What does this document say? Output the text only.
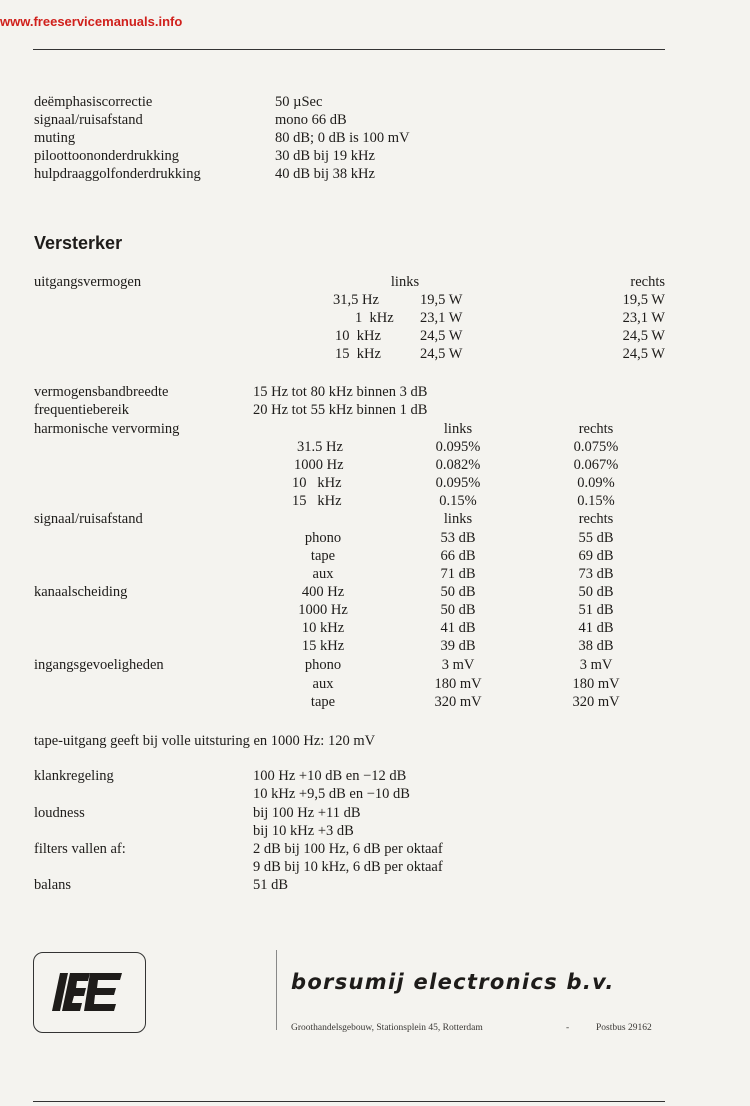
www.freeservicemanuals.info
deëmphasiscorrectie	50 µSec
signaal/ruisafstand	mono 66 dB
muting	80 dB; 0 dB is 100 mV
piloottoononderdrukking	30 dB bij 19 kHz
hulpdraaggolfonderdrukking	40 dB bij 38 kHz
Versterker
uitgangsvermogen	links	rechts
31,5 Hz	19,5 W	19,5 W
1  kHz 23,1 W	23,1 W
10  kHz	24,5 W	24,5 W
15  kHz	24,5 W	24,5 W
vermogensbandbreedte	15 Hz tot 80 kHz binnen 3 dB
frequentiebereik	20 Hz tot 55 kHz binnen 1 dB
harmonische vervorming	links	rechts
31.5 Hz	0.095%	0.075%
1000 Hz	0.082%	0.067%
10   kHz	0.095%	0.09%
15   kHz	0.15%	0.15%
signaal/ruisafstand	links	rechts
phono	53 dB	55 dB
tape	66 dB	69 dB
aux	71 dB	73 dB
kanaalscheiding	400 Hz	50 dB	50 dB
1000 Hz	50 dB	51 dB
10 kHz	41 dB	41 dB
15 kHz	39 dB	38 dB
ingangsgevoeligheden	phono	3 mV	3 mV
aux	180 mV	180 mV
tape	320 mV	320 mV
tape-uitgang geeft bij volle uitsturing en 1000 Hz: 120 mV
klankregeling	100 Hz +10 dB en −12 dB
10 kHz +9,5 dB en −10 dB
loudness	bij 100 Hz +11 dB
bij 10 kHz +3 dB
filters vallen af:	2 dB bij 100 Hz, 6 dB per oktaaf
9 dB bij 10 kHz, 6 dB per oktaaf
balans	51 dB
borsumij electronics b.v.
Groothandelsgebouw, Stationsplein 45, Rotterdam	-	Postbus 29162
